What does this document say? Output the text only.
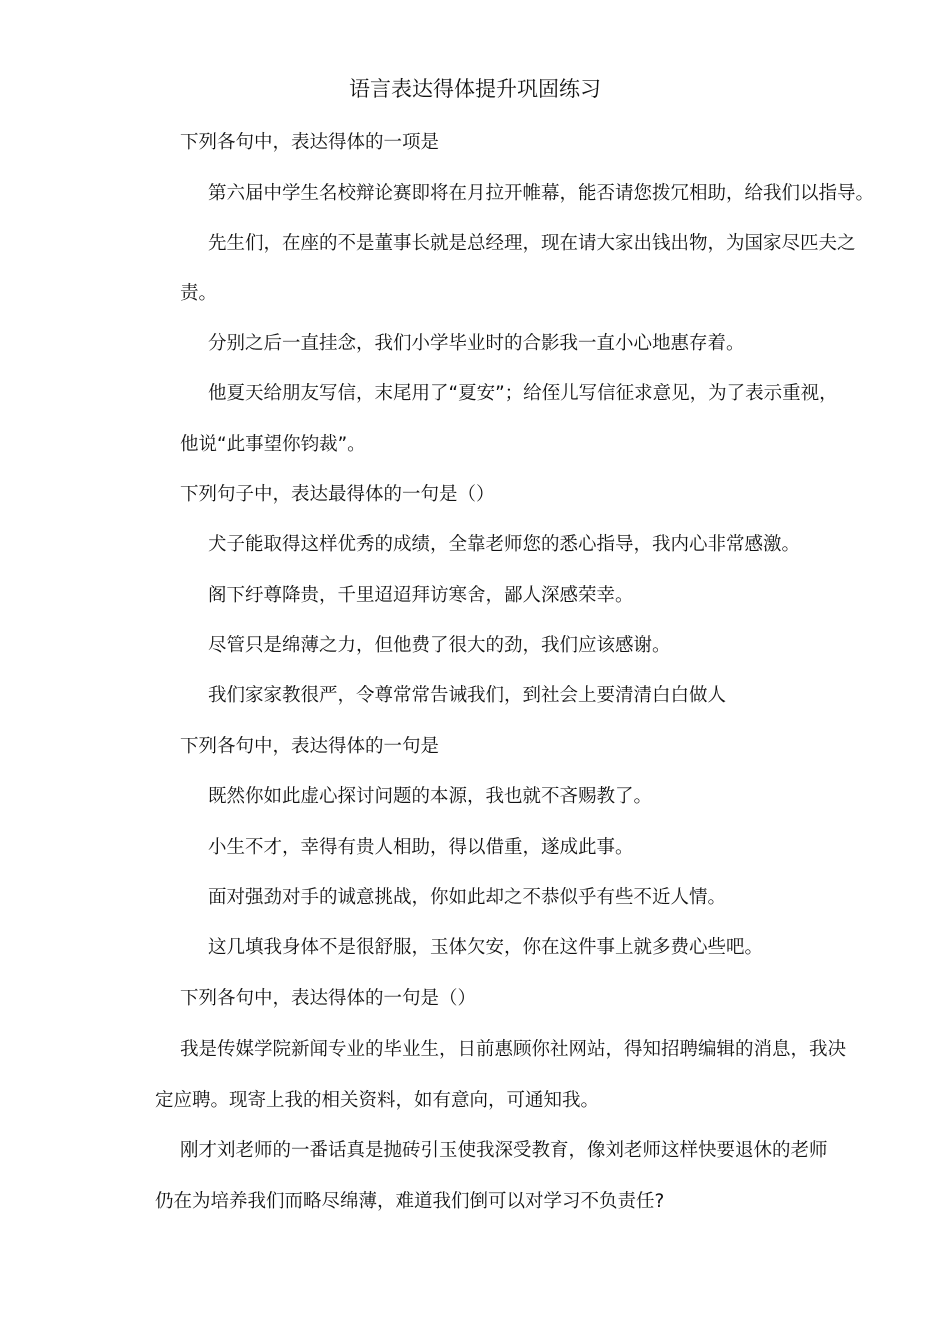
语言表达得体提升巩固练习
下列各句中，表达得体的一项是
第六届中学生名校辩论赛即将在月拉开帷幕，能否请您拨冗相助，给我们以指导。
先生们，在座的不是董事长就是总经理，现在请大家出钱出物，为国家尽匹夫之
责。
分别之后一直挂念，我们小学毕业时的合影我一直小心地惠存着。
他夏天给朋友写信，末尾用了“夏安”；给侄儿写信征求意见，为了表示重视，
他说“此事望你钧裁”。
下列句子中，表达最得体的一句是（）
犬子能取得这样优秀的成绩，全靠老师您的悉心指导，我内心非常感激。
阁下纡尊降贵，千里迢迢拜访寒舍，鄙人深感荣幸。
尽管只是绵薄之力，但他费了很大的劲，我们应该感谢。
我们家家教很严，令尊常常告诫我们，到社会上要清清白白做人
下列各句中，表达得体的一句是
既然你如此虚心探讨问题的本源，我也就不吝赐教了。
小生不才，幸得有贵人相助，得以借重，遂成此事。
面对强劲对手的诚意挑战，你如此却之不恭似乎有些不近人情。
这几填我身体不是很舒服，玉体欠安，你在这件事上就多费心些吧。
下列各句中，表达得体的一句是（）
我是传媒学院新闻专业的毕业生，日前惠顾你社网站，得知招聘编辑的消息，我决
定应聘。现寄上我的相关资料，如有意向，可通知我。
刚才刘老师的一番话真是抛砖引玉使我深受教育，像刘老师这样快要退休的老师
仍在为培养我们而略尽绵薄，难道我们倒可以对学习不负责任?
